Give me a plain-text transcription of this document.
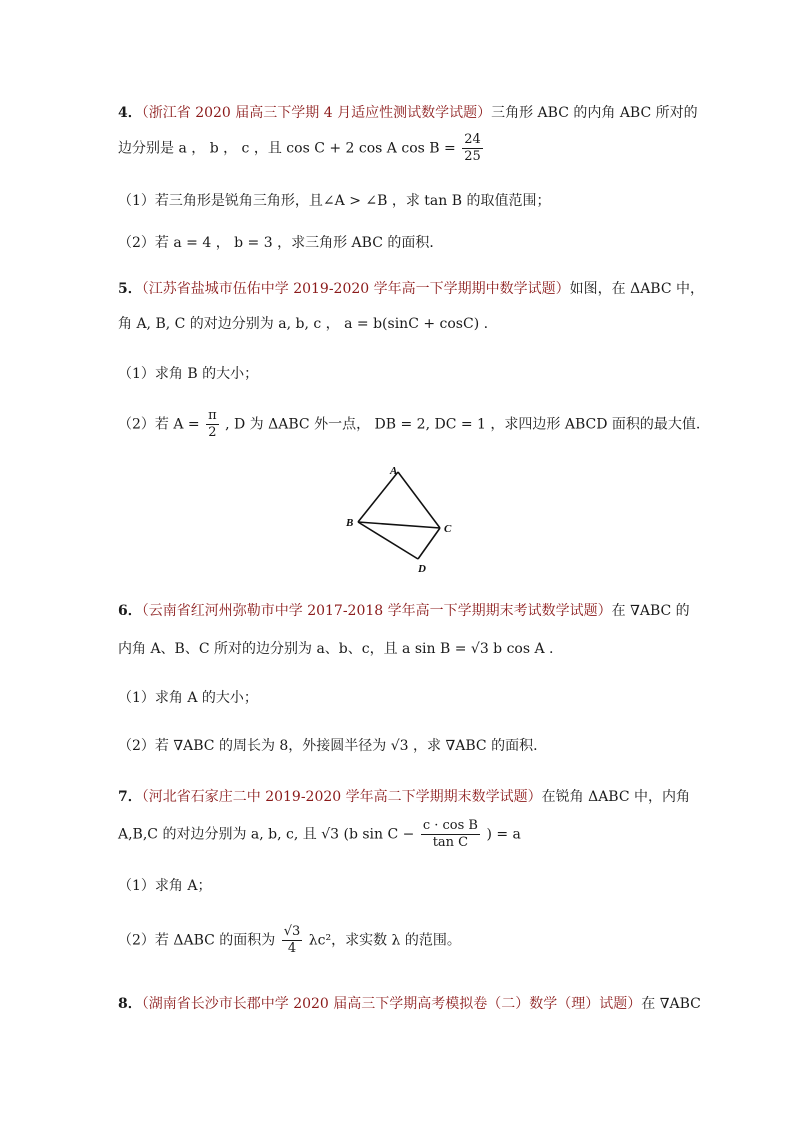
4．（浙江省 2020 届高三下学期 4 月适应性测试数学试题）三角形 ABC 的内角 ABC 所对的
边分别是 a ， b ， c ，且 cos C + 2 cos A $\cos B = \frac{24}{25}$
（1）若三角形是锐角三角形，且∠A > ∠B ，求 tan B 的取值范围；
（2）若 a = 4 ， b = 3 ，求三角形 ABC 的面积．
5．（江苏省盐城市伍佑中学 2019-2020 学年高一下学期期中数学试题）如图，在 ΔABC 中，
角 A, B, C 的对边分别为 a, b, c ， a = b(sinC + cosC) .
（1）求角 B 的大小；
（2）若 $A = \frac{\pi}{2}$ , D 为 ΔABC 外一点， DB = 2, DC = 1 ，求四边形 ABCD 面积的最大值.
A
B	C
D
6．（云南省红河州弥勒市中学 2017-2018 学年高一下学期期末考试数学试题）在 ∇ABC 的
内角 A、B、C 所对的边分别为 a、b、c，且 a sin B = √3 b cos A .
（1）求角 A 的大小；
（2）若 ∇ABC 的周长为 8，外接圆半径为 √3 ，求 ∇ABC 的面积.
7．（河北省石家庄二中 2019-2020 学年高二下学期期末数学试题）在锐角 ΔABC 中，内角
A,B,C 的对边分别为 a, b, c, 且 √3 (b $\sin C - \frac{\text{c · cos B}}{\text{tan C}}$ ) = a
（1）求角 A；
（2）若 ΔABC 的面积为 $\frac{√3}{4} \lambda c^2$，求实数 λ 的范围。
8．（湖南省长沙市长郡中学 2020 届高三下学期高考模拟卷（二）数学（理）试题）在 ∇ABC
